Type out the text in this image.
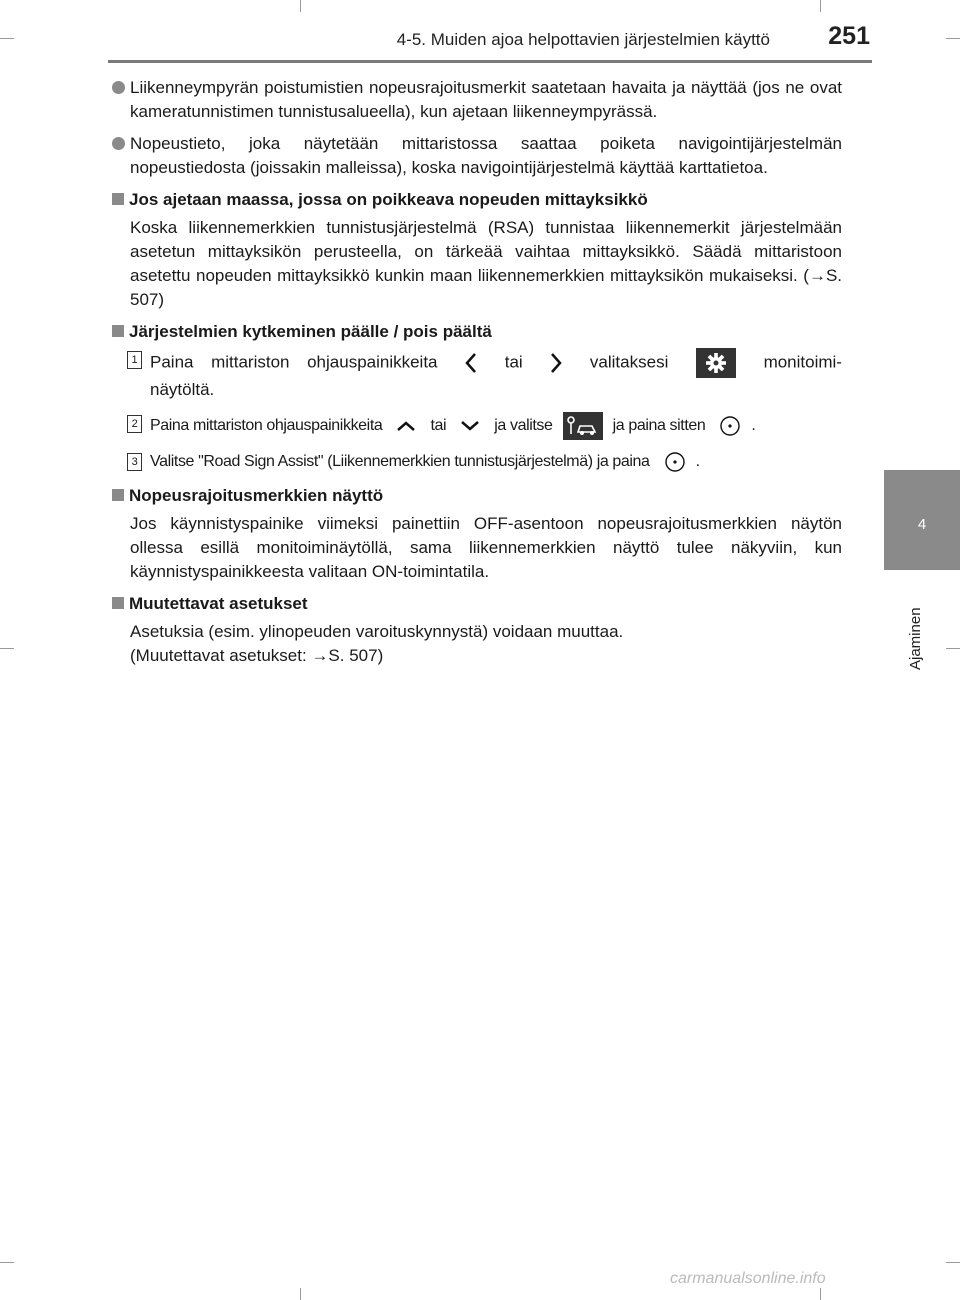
4-5. Muiden ajoa helpottavien järjestelmien käyttö	251
4
Ajaminen
Liikenneympyrän poistumistien nopeusrajoitusmerkit saatetaan havaita ja näyttää (jos ne ovat kameratunnistimen tunnistusalueella), kun ajetaan liikenneympyrässä.
Nopeustieto, joka näytetään mittaristossa saattaa poiketa navigointijärjestelmän nopeustiedosta (joissakin malleissa), koska navigointijärjestelmä käyttää karttatietoa.
Jos ajetaan maassa, jossa on poikkeava nopeuden mittayksikkö
Koska liikennemerkkien tunnistusjärjestelmä (RSA) tunnistaa liikennemerkit järjestelmään asetetun mittayksikön perusteella, on tärkeää vaihtaa mittayksikkö. Säädä mittaristoon asetettu nopeuden mittayksikkö kunkin maan liikennemerkkien mittayksikön mukaiseksi. (→S. 507)
Järjestelmien kytkeminen päälle / pois päältä
1 Paina mittariston ohjauspainikkeita	tai	valitaksesi	monitoimi-
näytöltä.
2 Paina mittariston ohjauspainikkeita	tai	ja valitse	ja paina sitten	.
3 Valitse "Road Sign Assist" (Liikennemerkkien tunnistusjärjestelmä) ja paina	.
Nopeusrajoitusmerkkien näyttö
Jos käynnistyspainike viimeksi painettiin OFF-asentoon nopeusrajoitusmerkkien näytön ollessa esillä monitoiminäytöllä, sama liikennemerkkien näyttö tulee näkyviin, kun käynnistyspainikkeesta valitaan ON-toimintatila.
Muutettavat asetukset
Asetuksia (esim. ylinopeuden varoituskynnystä) voidaan muuttaa.
(Muutettavat asetukset: →S. 507)
carmanualsonline.info
